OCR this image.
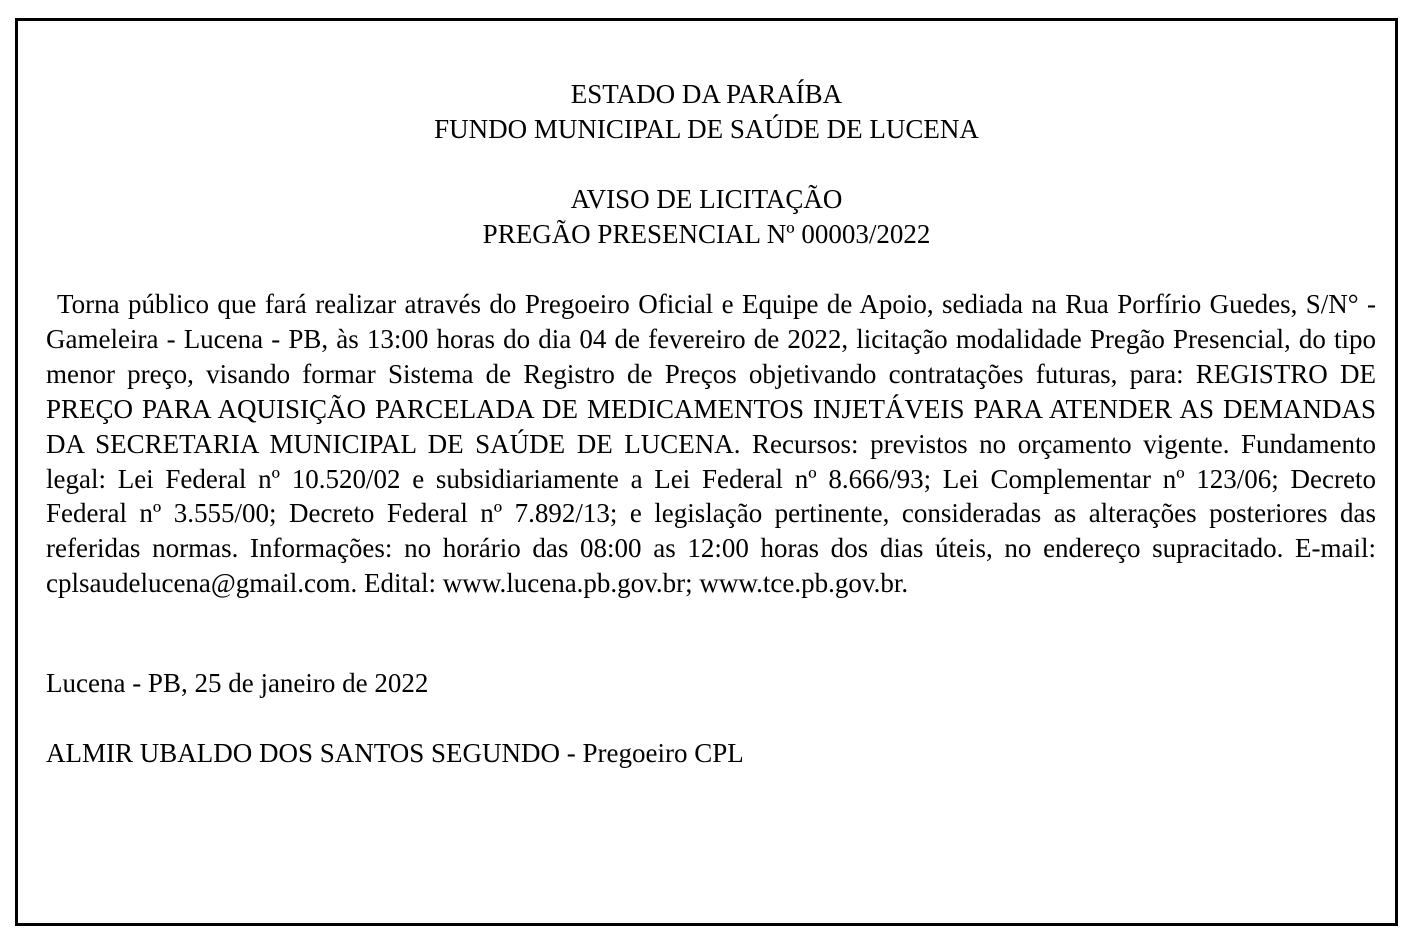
ESTADO DA PARAÍBA
FUNDO MUNICIPAL DE SAÚDE DE LUCENA
AVISO DE LICITAÇÃO
PREGÃO PRESENCIAL Nº 00003/2022

Torna público que fará realizar através do Pregoeiro Oficial e Equipe de Apoio, sediada na Rua Porfírio Guedes, S/N° - Gameleira - Lucena - PB, às 13:00 horas do dia 04 de fevereiro de 2022, licitação modalidade Pregão Presencial, do tipo menor preço, visando formar Sistema de Registro de Preços objetivando contratações futuras, para: REGISTRO DE PREÇO PARA AQUISIÇÃO PARCELADA DE MEDICAMENTOS INJETÁVEIS PARA ATENDER AS DEMANDAS DA SECRETARIA MUNICIPAL DE SAÚDE DE LUCENA. Recursos: previstos no orçamento vigente. Fundamento legal: Lei Federal nº 10.520/02 e subsidiariamente a Lei Federal nº 8.666/93; Lei Complementar nº 123/06; Decreto Federal nº 3.555/00; Decreto Federal nº 7.892/13; e legislação pertinente, consideradas as alterações posteriores das referidas normas. Informações: no horário das 08:00 as 12:00 horas dos dias úteis, no endereço supracitado. E-mail: cplsaudelucena@gmail.com. Edital: www.lucena.pb.gov.br; www.tce.pb.gov.br.

Lucena - PB, 25 de janeiro de 2022
ALMIR UBALDO DOS SANTOS SEGUNDO - Pregoeiro CPL
